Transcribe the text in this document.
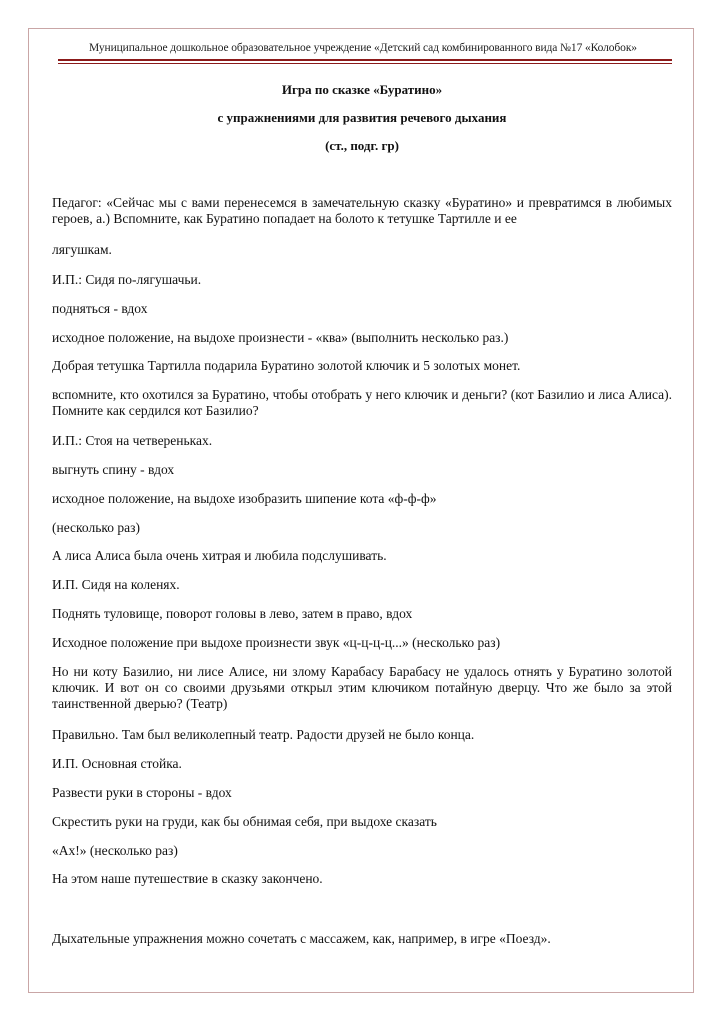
Муниципальное дошкольное образовательное учреждение «Детский сад комбинированного вида №17 «Колобок»
Игра по сказке «Буратино»
с упражнениями для развития речевого дыхания
(ст., подг. гр)
Педагог: «Сейчас мы с вами перенесемся в замечательную сказку «Буратино» и превратимся в любимых героев, а.) Вспомните, как Буратино попадает на болото к тетушке Тартилле и ее
лягушкам.
И.П.: Сидя по-лягушачьи.
подняться - вдох
исходное положение, на выдохе произнести - «ква» (выполнить несколько раз.)
Добрая тетушка Тартилла подарила Буратино золотой ключик и 5 золотых монет.
вспомните, кто охотился за Буратино, чтобы отобрать у него ключик и деньги? (кот Базилио и лиса Алиса). Помните как сердился кот Базилио?
И.П.: Стоя на четвереньках.
выгнуть спину - вдох
исходное положение, на выдохе изобразить шипение кота «ф-ф-ф»
(несколько раз)
А лиса Алиса была очень хитрая и любила подслушивать.
И.П. Сидя на коленях.
Поднять туловище, поворот головы в лево, затем в право, вдох
Исходное положение при выдохе произнести звук «ц-ц-ц-ц...» (несколько раз)
Но ни коту Базилио, ни лисе Алисе, ни злому Карабасу Барабасу не удалось отнять у Буратино золотой ключик. И вот он со своими друзьями открыл этим ключиком потайную дверцу. Что же было за этой таинственной дверью? (Театр)
Правильно. Там был великолепный театр. Радости друзей не было конца.
И.П. Основная стойка.
Развести руки в стороны - вдох
Скрестить руки на груди, как бы обнимая себя, при выдохе сказать
«Ах!» (несколько раз)
На этом наше путешествие в сказку закончено.
Дыхательные упражнения можно сочетать с массажем, как, например, в игре «Поезд».
